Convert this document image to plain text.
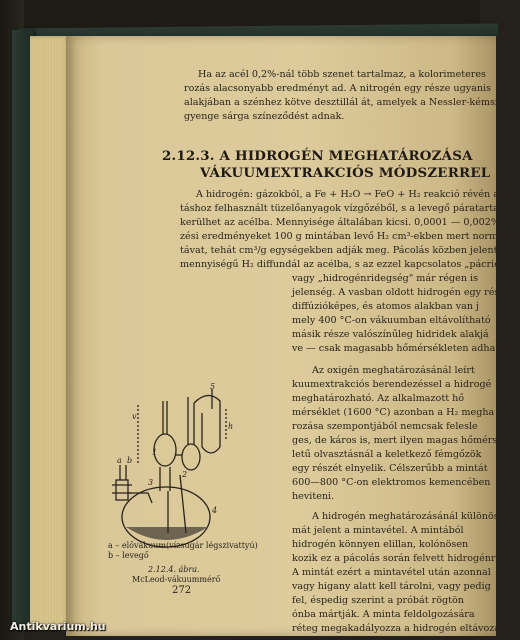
Ha az acél 0,2%-nál több szenet tartalmaz, a kolorimeteres
rozás alacsonyabb eredményt ad. A nitrogén egy része ugyanis
alakjában a szénhez kötve desztillál át, amelyek a Nessler-kémszer
gyenge sárga színeződést adnak.
2.12.3. A HIDROGÉN MEGHATÁROZÁSA
VÁKUUMEXTRAKCIÓS MÓDSZERREL
A hidrogén: gázokból, a Fe + H₂O → FeO + H₂ reakció révén az
táshoz felhasznált tüzelőanyagok vízgőzéből, s a levegő páratartalm
kerülhet az acélba. Mennyisége általában kicsi. 0,0001 — 0,002%
zési eredményeket 100 g mintában levő H₂ cm³-ekben mert normálisz
távat, tehát cm³/g egységekben adják meg. Pácolás közben jelentős
mennyiségű H₂ diffundál az acélba, s az ezzel kapcsolatos „pácrideg
vagy „hidrogénridegség" már régen is
jelenség. A vasban oldott hidrogén egy rés
diffúzióképes, és atomos alakban van j
mely 400 °C-on vákuumban eltávolítható
másik része valószínűleg hidridek alakjá
ve — csak magasabb hőmérsékleten adható
Az oxigén meghatározásánál leírt
kuumextrakciós berendezéssel a hidrogé
meghatározható. Az alkalmazott hő
mérséklet (1600 °C) azonban a H₂ megha
rozása szempontjából nemcsak felesle
ges, de káros is, mert ilyen magas hőmérsé
letű olvasztásnál a keletkező fémgőzök
egy részét elnyelik. Célszerűbb a mintát
600—800 °C-on elektromos kemencében
heviteni.
A hidrogén meghatározásánál különös
mát jelent a mintavétel. A mintából
hidrogén könnyen elillan, kolónösen
kozik ez a pácolás során felvett hidrogénre
A mintát ezért a mintavétel után azonnal
vagy higany alatt kell tárolni, vagy pedig
fel, éspedig szerint a próbát rögtön
ónba mártják. A minta feldolgozására
réteg megakadályozza a hidrogén eltávozását
5
v
h
1
2
3
4
a b
a – elővákuum(vízsugár légszivattyú)
b – levegő
2.12.4. ábra.
McLeod-vákuummérő
272
Antikvarium.hu
